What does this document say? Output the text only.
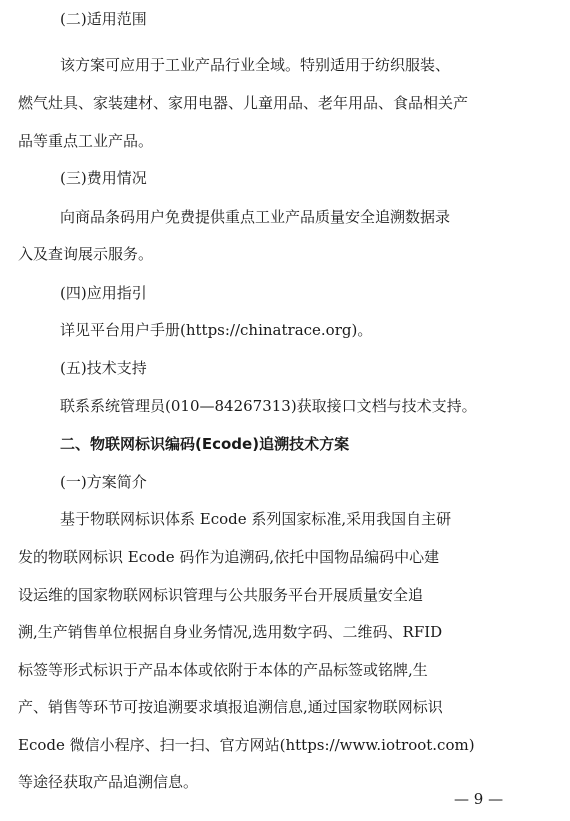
(二)适用范围
该方案可应用于工业产品行业全域。特别适用于纺织服装、
燃气灶具、家装建材、家用电器、儿童用品、老年用品、食品相关产
品等重点工业产品。
(三)费用情况
向商品条码用户免费提供重点工业产品质量安全追溯数据录
入及查询展示服务。
(四)应用指引
详见平台用户手册(https://chinatrace.org)。
(五)技术支持
联系系统管理员(010—84267313)获取接口文档与技术支持。
二、物联网标识编码(Ecode)追溯技术方案
(一)方案简介
基于物联网标识体系 Ecode 系列国家标准,采用我国自主研
发的物联网标识 Ecode 码作为追溯码,依托中国物品编码中心建
设运维的国家物联网标识管理与公共服务平台开展质量安全追
溯,生产销售单位根据自身业务情况,选用数字码、二维码、RFID
标签等形式标识于产品本体或依附于本体的产品标签或铭牌,生
产、销售等环节可按追溯要求填报追溯信息,通过国家物联网标识
Ecode 微信小程序、扫一扫、官方网站(https://www.iotroot.com)
等途径获取产品追溯信息。
— 9 —
